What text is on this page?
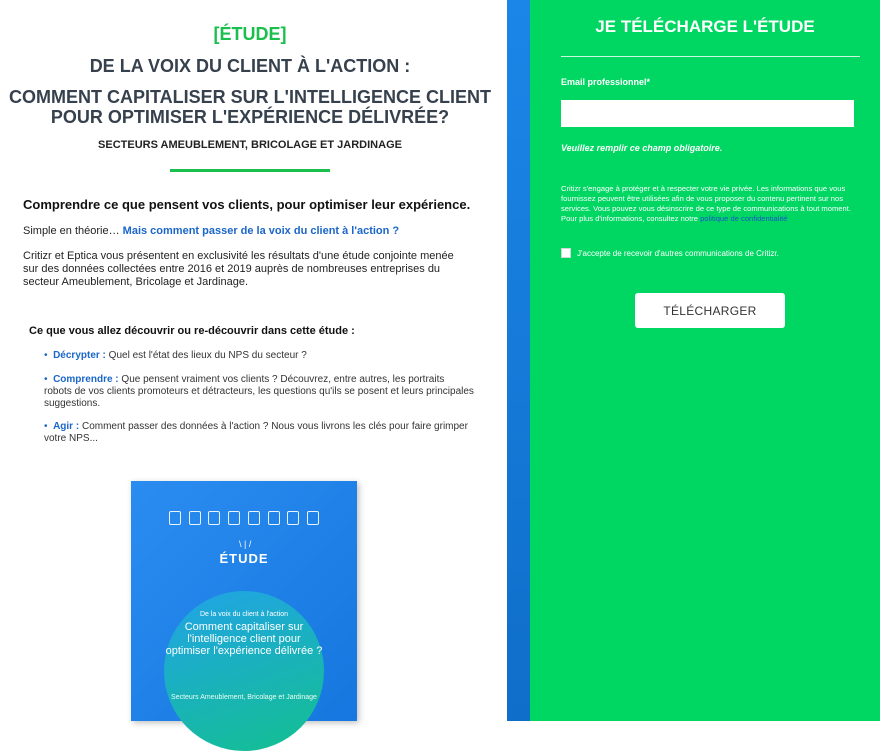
[ÉTUDE]
DE LA VOIX DU CLIENT À L'ACTION :
COMMENT CAPITALISER SUR L'INTELLIGENCE CLIENT
POUR OPTIMISER L'EXPÉRIENCE DÉLIVRÉE?
SECTEURS AMEUBLEMENT, BRICOLAGE ET JARDINAGE
Comprendre ce que pensent vos clients, pour optimiser leur expérience.
Simple en théorie… Mais comment passer de la voix du client à l'action ?
Critizr et Eptica vous présentent en exclusivité les résultats d'une étude conjointe menée sur des données collectées entre 2016 et 2019 auprès de nombreuses entreprises du secteur Ameublement, Bricolage et Jardinage.
Ce que vous allez découvrir ou re-découvrir dans cette étude :
• Décrypter : Quel est l'état des lieux du NPS du secteur ?
• Comprendre : Que pensent vraiment vos clients ? Découvrez, entre autres, les portraits robots de vos clients promoteurs et détracteurs, les questions qu'ils se posent et leurs principales suggestions.
• Agir : Comment passer des données à l'action ? Nous vous livrons les clés pour faire grimper votre NPS...
\ | /
ÉTUDE
De la voix du client à l'action
Comment capitaliser sur l'intelligence client pour optimiser l'expérience délivrée ?
Secteurs Ameublement, Bricolage et Jardinage
JE TÉLÉCHARGE L'ÉTUDE
Email professionnel*
Veuillez remplir ce champ obligatoire.
Critizr s'engage à protéger et à respecter votre vie privée. Les informations que vous fournissez peuvent être utilisées afin de vous proposer du contenu pertinent sur nos services. Vous pouvez vous désinscrire de ce type de communications à tout moment. Pour plus d'informations, consultez notre politique de confidentialité
J'accepte de recevoir d'autres communications de Critizr.
TÉLÉCHARGER
